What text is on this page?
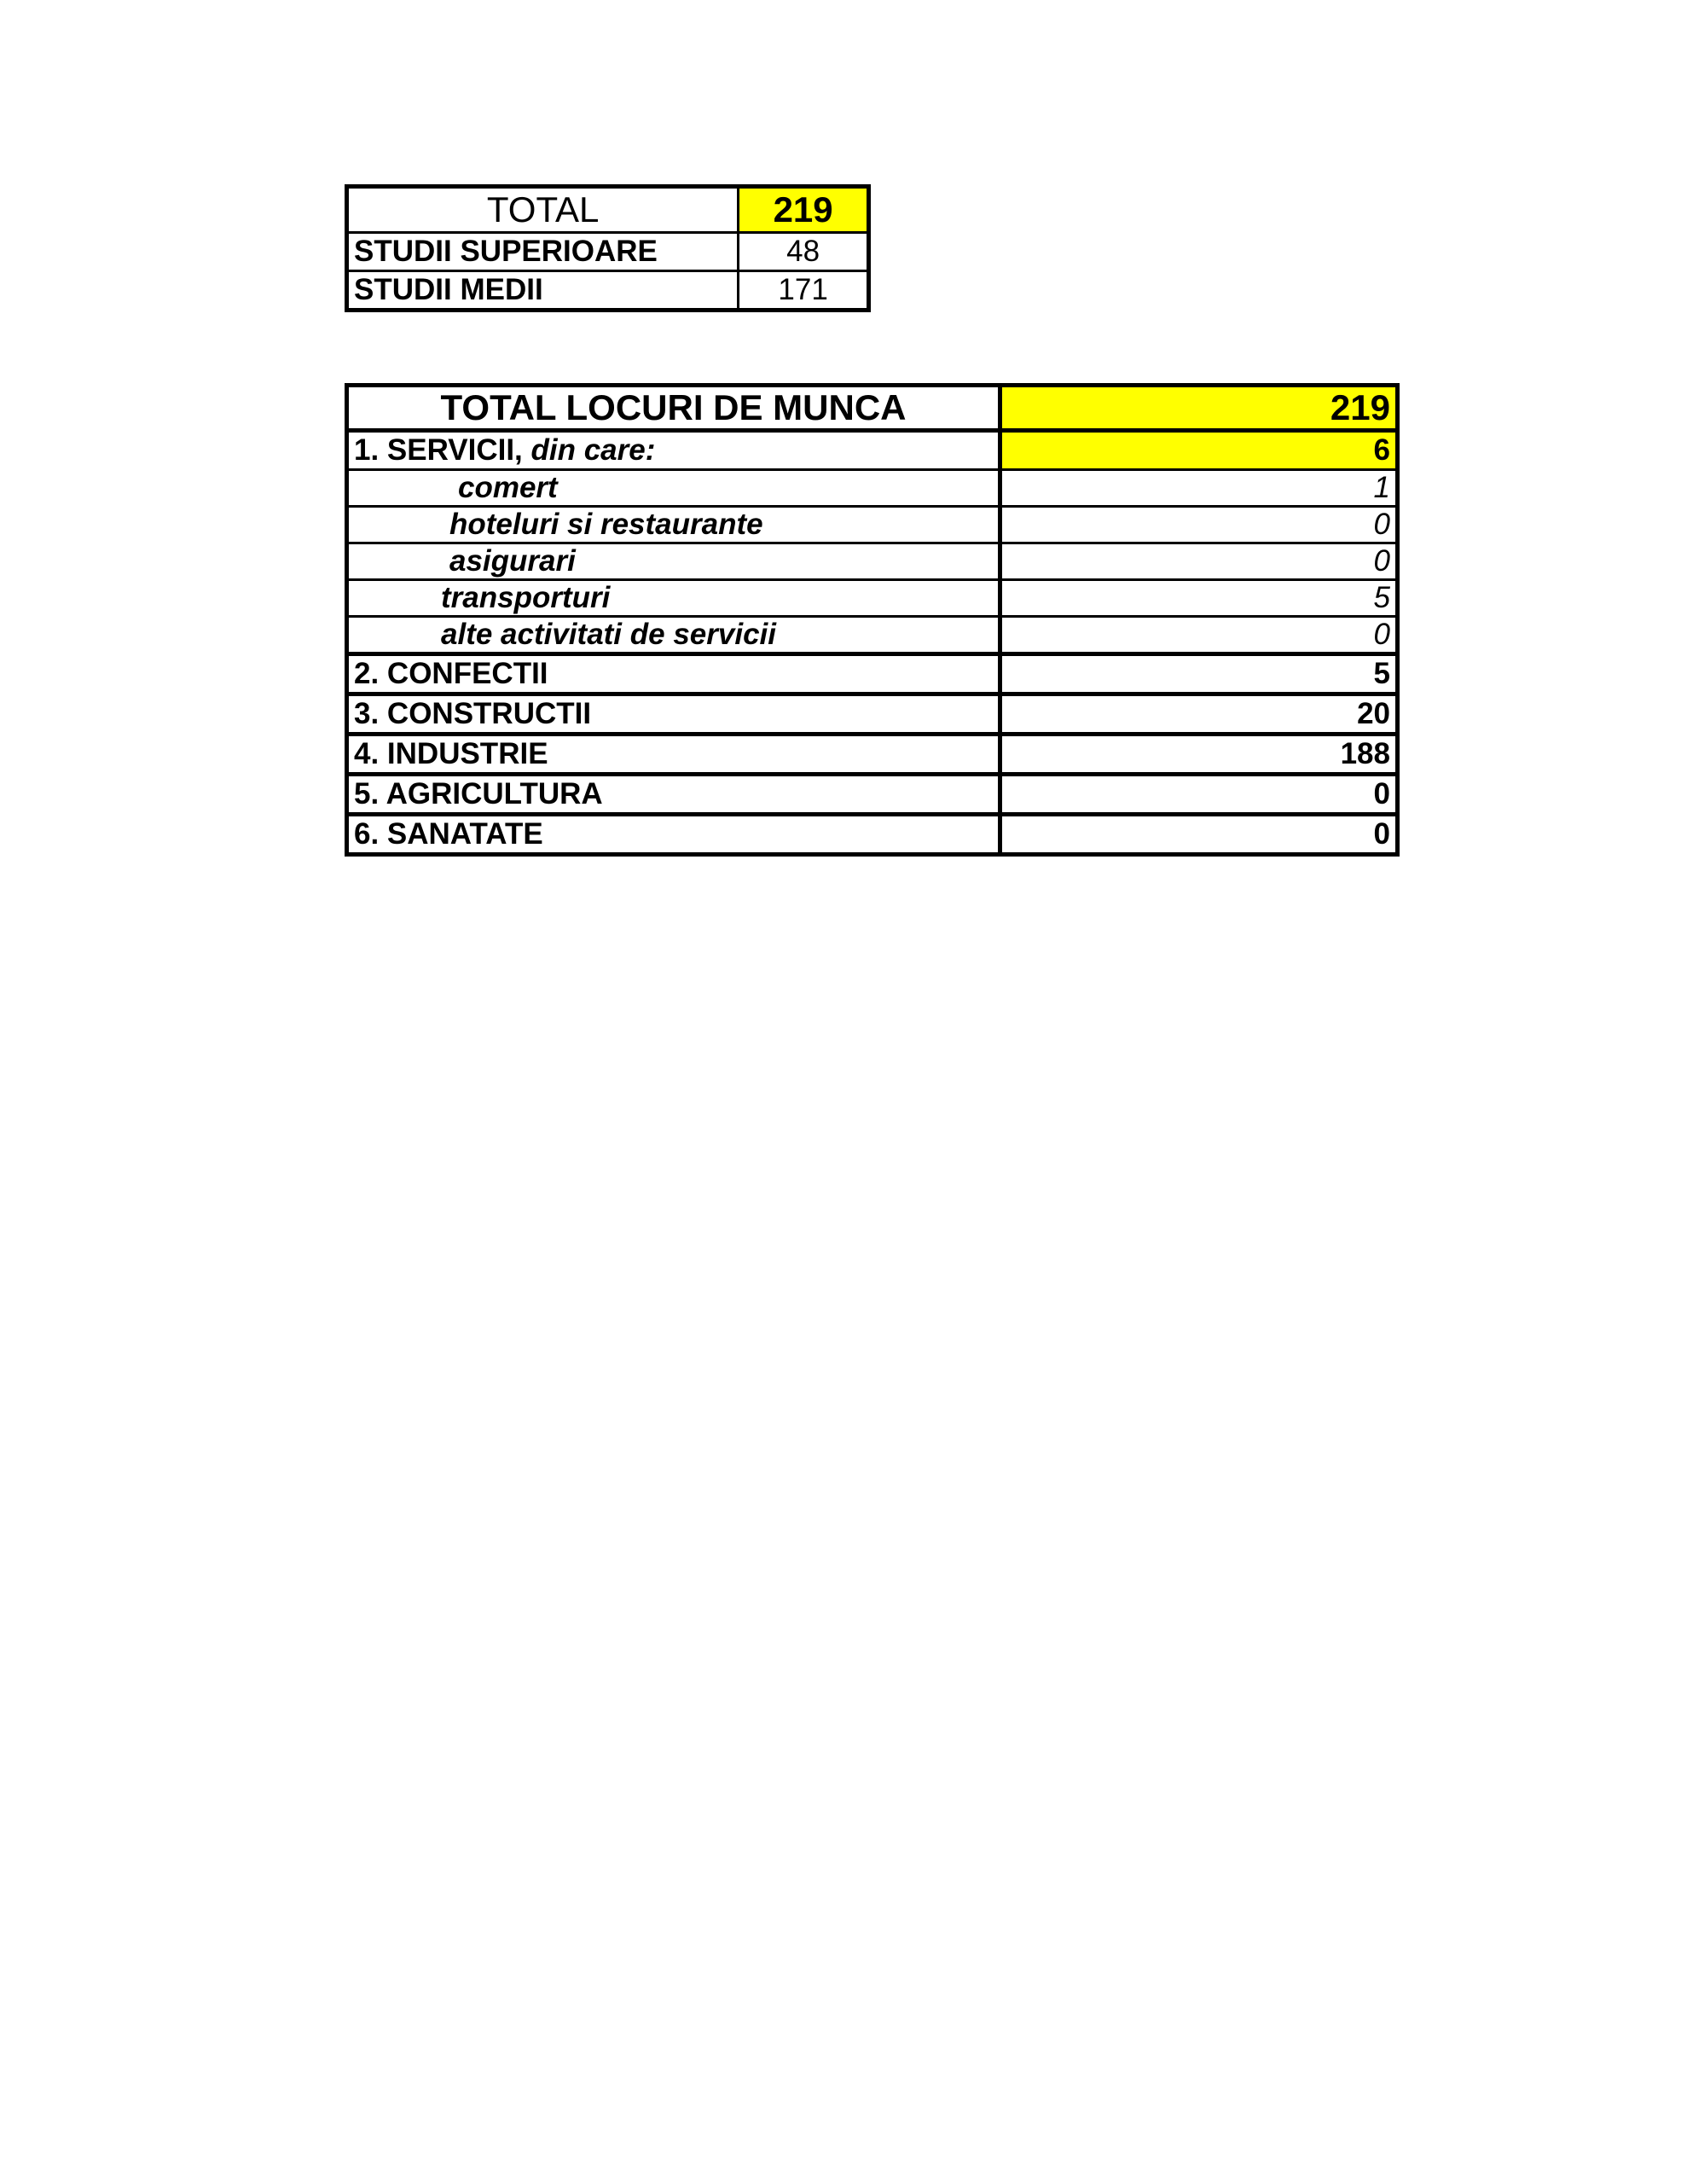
TOTAL	219
STUDII SUPERIOARE	48
STUDII MEDII	171
TOTAL LOCURI DE MUNCA	219
1. SERVICII, din care:	6
comert	1
hoteluri si restaurante	0
asigurari	0
transporturi	5
alte activitati de servicii	0
2. CONFECTII	5
3. CONSTRUCTII	20
4. INDUSTRIE	188
5. AGRICULTURA	0
6. SANATATE	0
